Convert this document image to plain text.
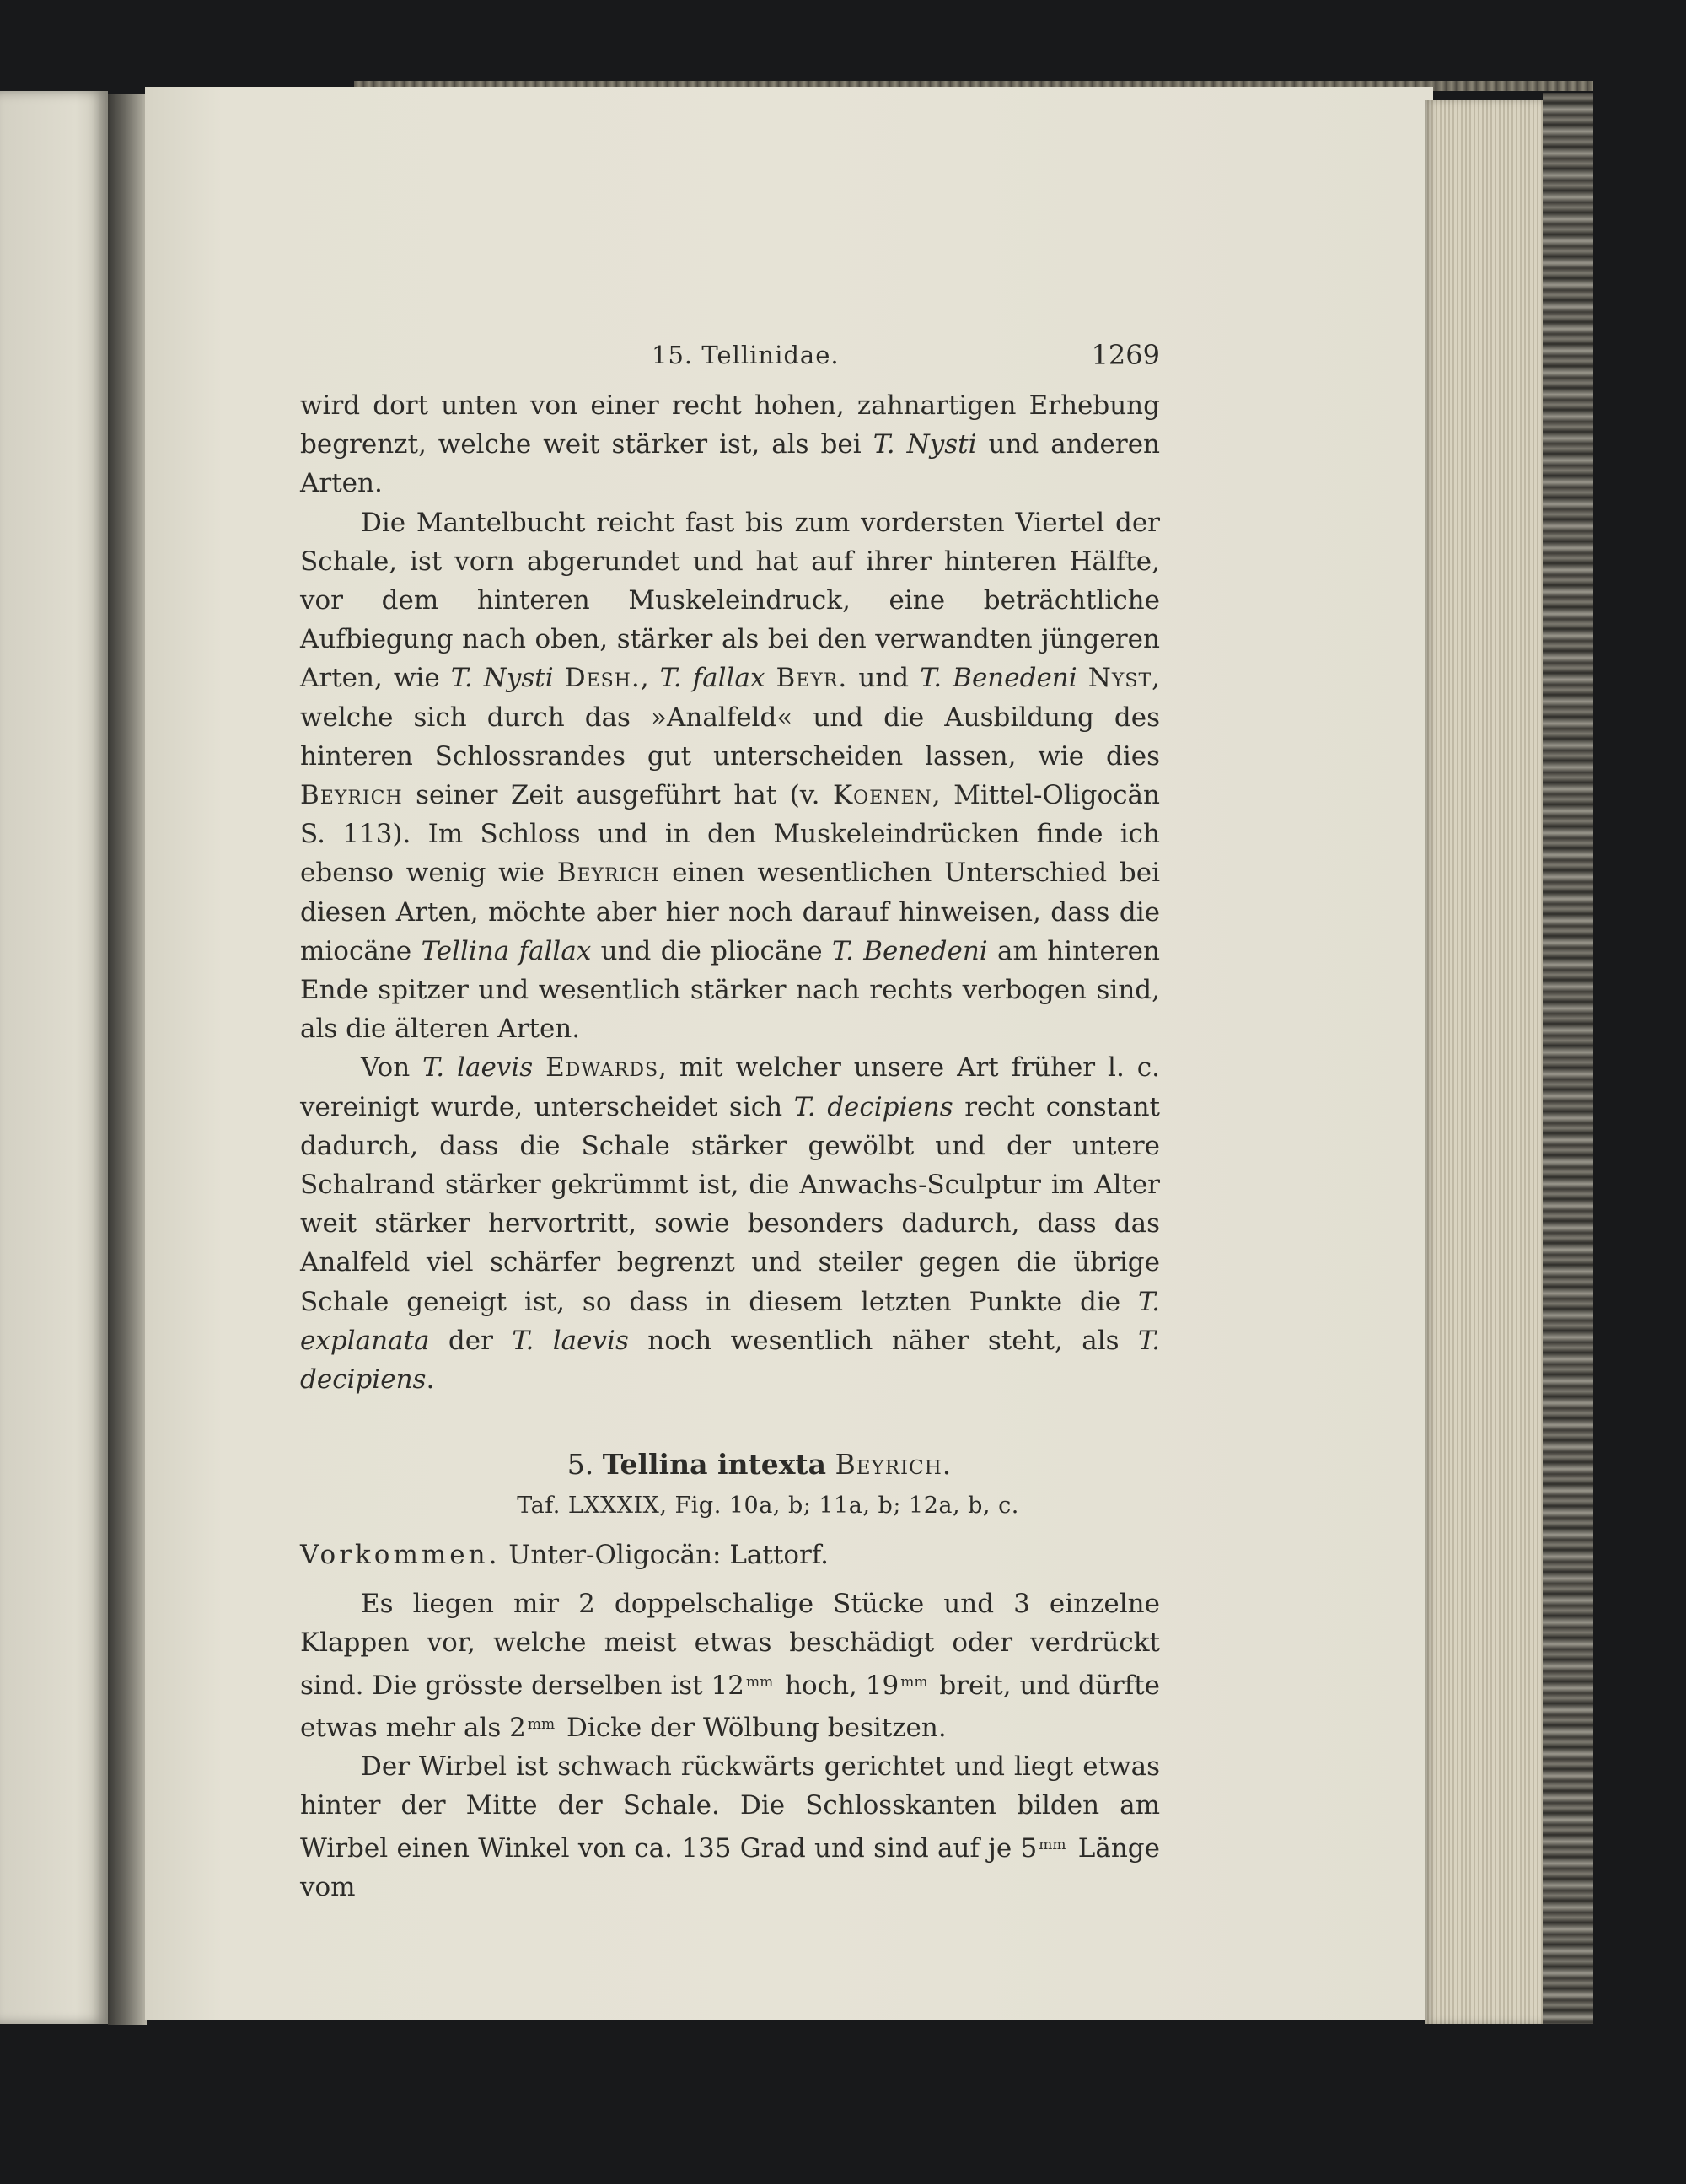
15. Tellinidae.	1269

wird dort unten von einer recht hohen, zahnartigen Erhebung begrenzt, welche weit stärker ist, als bei T. Nysti und anderen Arten.

Die Mantelbucht reicht fast bis zum vordersten Viertel der Schale, ist vorn abgerundet und hat auf ihrer hinteren Hälfte, vor dem hinteren Muskeleindruck, eine beträchtliche Aufbiegung nach oben, stärker als bei den verwandten jüngeren Arten, wie T. Nysti Desh., T. fallax Beyr. und T. Benedeni Nyst, welche sich durch das »Analfeld« und die Ausbildung des hinteren Schlossrandes gut unterscheiden lassen, wie dies Beyrich seiner Zeit ausgeführt hat (v. Koenen, Mittel-Oligocän S. 113). Im Schloss und in den Muskeleindrücken finde ich ebenso wenig wie Beyrich einen wesentlichen Unterschied bei diesen Arten, möchte aber hier noch darauf hinweisen, dass die miocäne Tellina fallax und die pliocäne T. Benedeni am hinteren Ende spitzer und wesentlich stärker nach rechts verbogen sind, als die älteren Arten.

Von T. laevis Edwards, mit welcher unsere Art früher l. c. vereinigt wurde, unterscheidet sich T. decipiens recht constant dadurch, dass die Schale stärker gewölbt und der untere Schalrand stärker gekrümmt ist, die Anwachs-Sculptur im Alter weit stärker hervortritt, sowie besonders dadurch, dass das Analfeld viel schärfer begrenzt und steiler gegen die übrige Schale geneigt ist, so dass in diesem letzten Punkte die T. explanata der T. laevis noch wesentlich näher steht, als T. decipiens.

5. Tellina intexta Beyrich.
Taf. LXXXIX, Fig. 10a, b; 11a, b; 12a, b, c.
Vorkommen. Unter-Oligocän: Lattorf.

Es liegen mir 2 doppelschalige Stücke und 3 einzelne Klappen vor, welche meist etwas beschädigt oder verdrückt sind. Die grösste derselben ist 12 $^{mm}$ hoch, 19 $^{mm}$ breit, und dürfte etwas mehr als 2 $^{mm}$ Dicke der Wölbung besitzen.

Der Wirbel ist schwach rückwärts gerichtet und liegt etwas hinter der Mitte der Schale. Die Schlosskanten bilden am Wirbel einen Winkel von ca. 135 Grad und sind auf je 5 $^{mm}$ Länge vom
